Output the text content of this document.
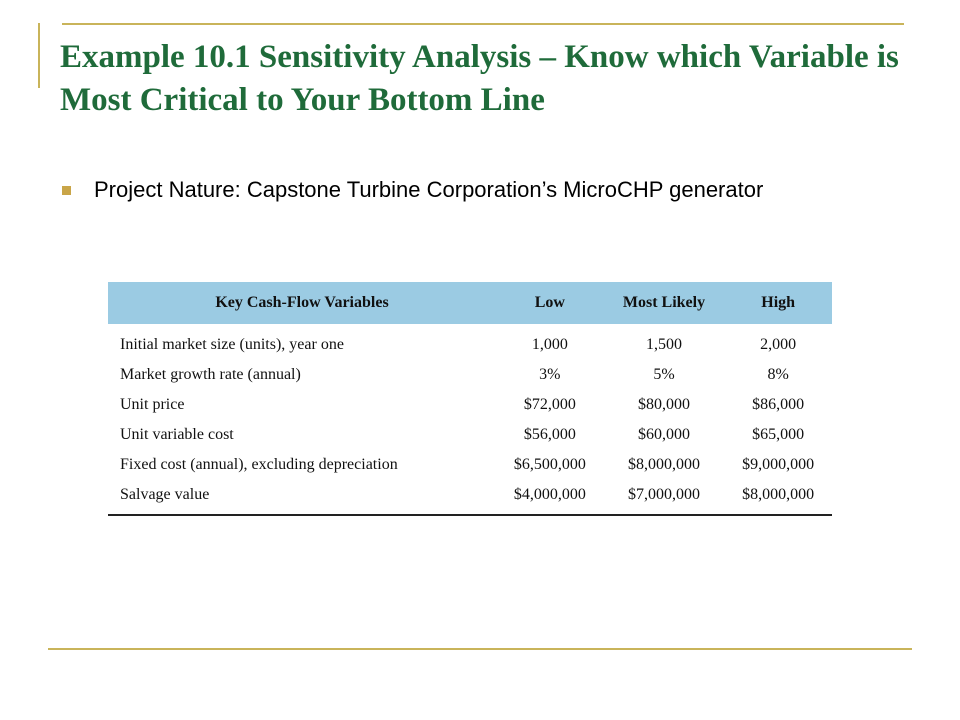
Example 10.1 Sensitivity Analysis – Know which Variable is Most Critical to Your Bottom Line
Project Nature: Capstone Turbine Corporation’s MicroCHP generator
Key Cash-Flow Variables	Low	Most Likely	High
Initial market size (units), year one	1,000	1,500	2,000
Market growth rate (annual)	3%	5%	8%
Unit price	$72,000	$80,000	$86,000
Unit variable cost	$56,000	$60,000	$65,000
Fixed cost (annual), excluding depreciation	$6,500,000	$8,000,000	$9,000,000
Salvage value	$4,000,000	$7,000,000	$8,000,000
